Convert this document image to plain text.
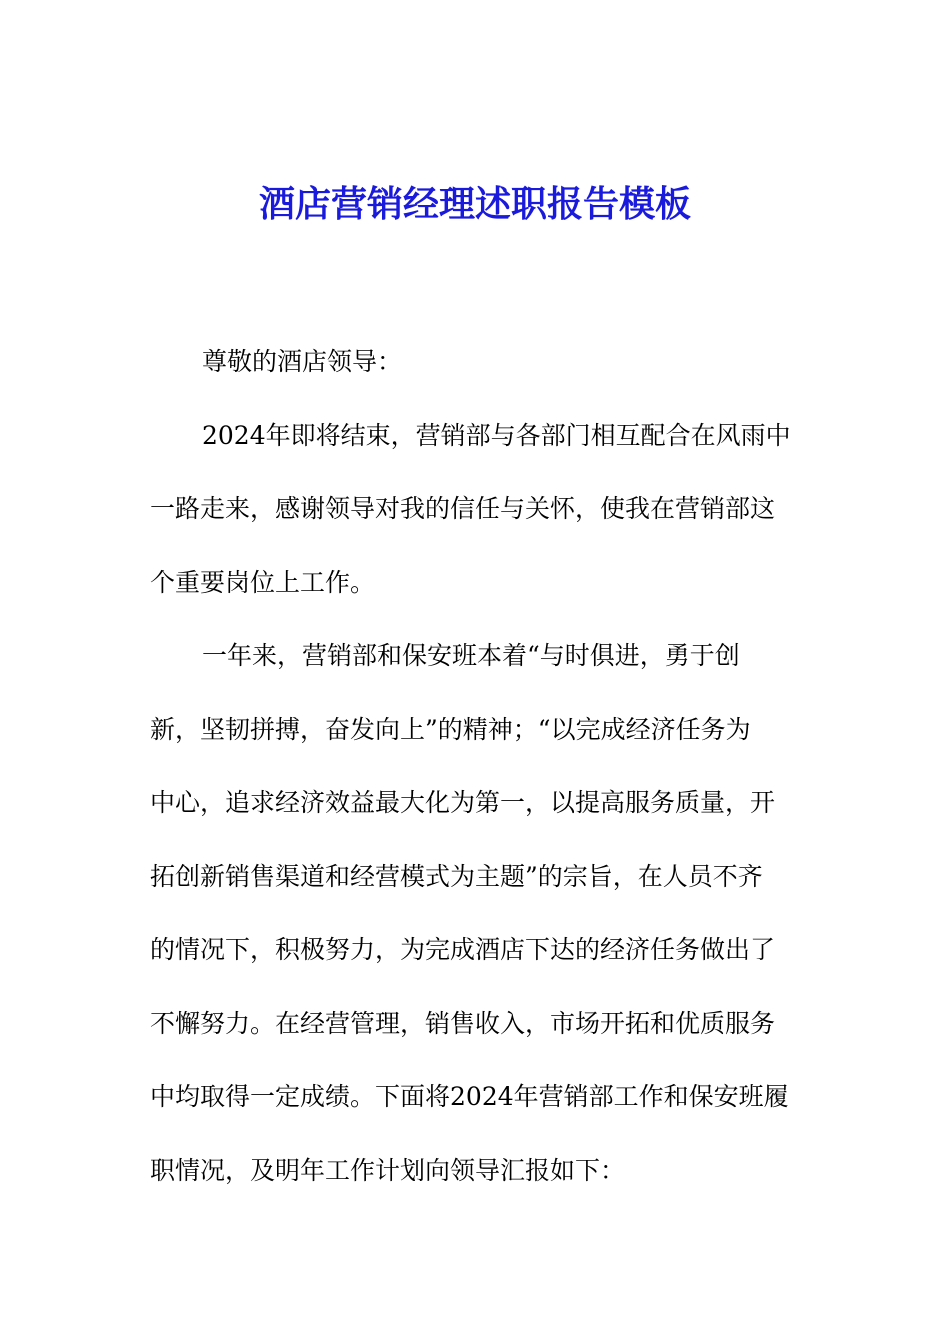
酒店营销经理述职报告模板

尊敬的酒店领导：

2024年即将结束，营销部与各部门相互配合在风雨中
一路走来，感谢领导对我的信任与关怀，使我在营销部这
个重要岗位上工作。

一年来，营销部和保安班本着“与时俱进，勇于创
新，坚韧拼搏，奋发向上”的精神；“以完成经济任务为
中心，追求经济效益最大化为第一，以提高服务质量，开
拓创新销售渠道和经营模式为主题”的宗旨，在人员不齐
的情况下，积极努力，为完成酒店下达的经济任务做出了
不懈努力。在经营管理，销售收入，市场开拓和优质服务
中均取得一定成绩。下面将2024年营销部工作和保安班履
职情况，及明年工作计划向领导汇报如下：
